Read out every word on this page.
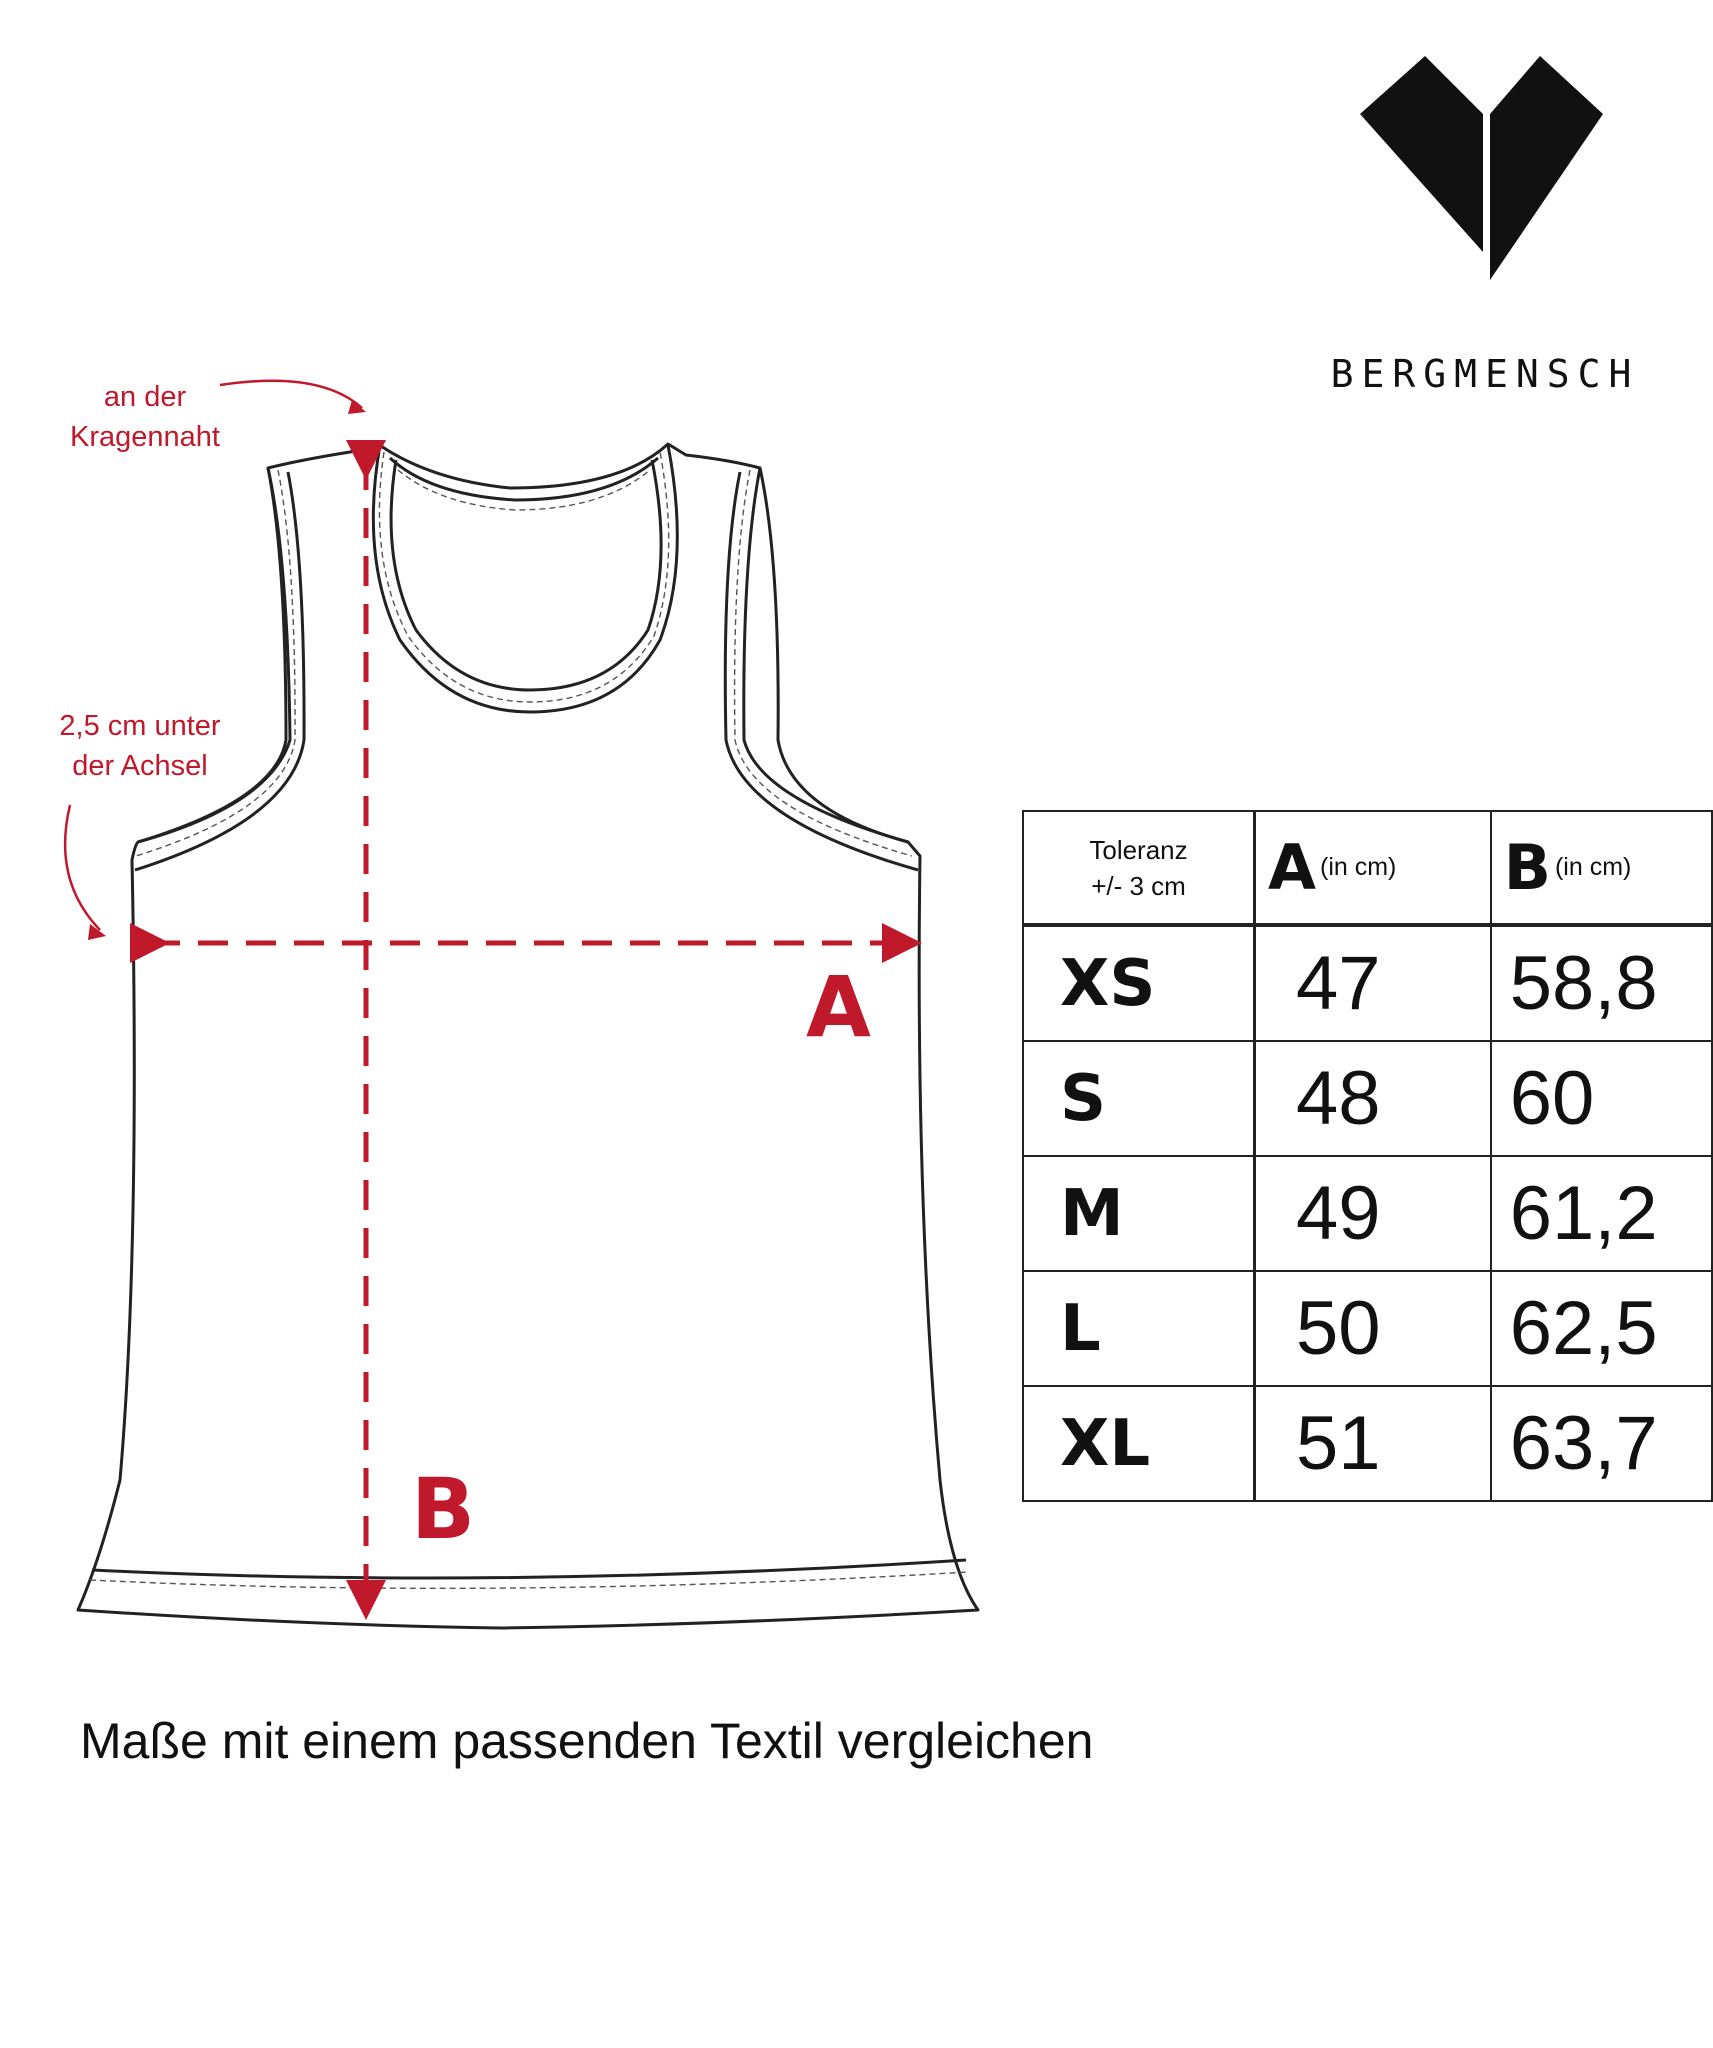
BERGMENSCH
an der
Kragennaht
2,5 cm unter
der Achsel
A
B
Toleranz
+/- 3 cm	A (in cm)	B (in cm)
XS	47	58,8
S	48	60
M	49	61,2
L	50	62,5
XL	51	63,7
Maße mit einem passenden Textil vergleichen
